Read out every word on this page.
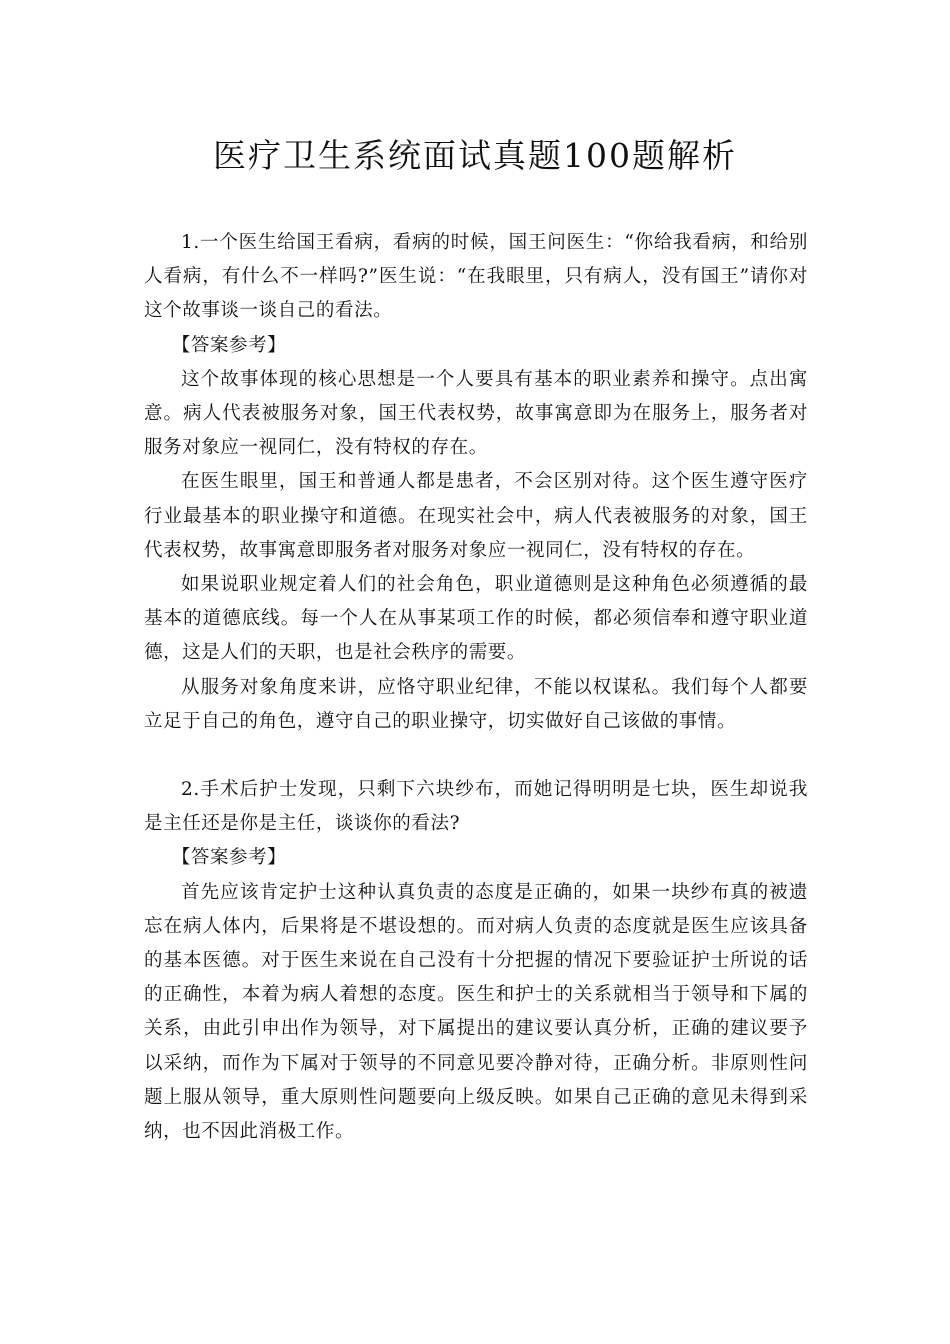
医疗卫生系统面试真题100题解析

1.一个医生给国王看病，看病的时候，国王问医生：“你给我看病，和给别人看病，有什么不一样吗?”医生说：“在我眼里，只有病人，没有国王”请你对这个故事谈一谈自己的看法。

【答案参考】

这个故事体现的核心思想是一个人要具有基本的职业素养和操守。点出寓意。病人代表被服务对象，国王代表权势，故事寓意即为在服务上，服务者对服务对象应一视同仁，没有特权的存在。

在医生眼里，国王和普通人都是患者，不会区别对待。这个医生遵守医疗行业最基本的职业操守和道德。在现实社会中，病人代表被服务的对象，国王代表权势，故事寓意即服务者对服务对象应一视同仁，没有特权的存在。

如果说职业规定着人们的社会角色，职业道德则是这种角色必须遵循的最基本的道德底线。每一个人在从事某项工作的时候，都必须信奉和遵守职业道德，这是人们的天职，也是社会秩序的需要。

从服务对象角度来讲，应恪守职业纪律，不能以权谋私。我们每个人都要立足于自己的角色，遵守自己的职业操守，切实做好自己该做的事情。

2.手术后护士发现，只剩下六块纱布，而她记得明明是七块，医生却说我是主任还是你是主任，谈谈你的看法?

【答案参考】

首先应该肯定护士这种认真负责的态度是正确的，如果一块纱布真的被遗忘在病人体内，后果将是不堪设想的。而对病人负责的态度就是医生应该具备的基本医德。对于医生来说在自己没有十分把握的情况下要验证护士所说的话的正确性，本着为病人着想的态度。医生和护士的关系就相当于领导和下属的关系，由此引申出作为领导，对下属提出的建议要认真分析，正确的建议要予以采纳，而作为下属对于领导的不同意见要冷静对待，正确分析。非原则性问题上服从领导，重大原则性问题要向上级反映。如果自己正确的意见未得到采纳，也不因此消极工作。
